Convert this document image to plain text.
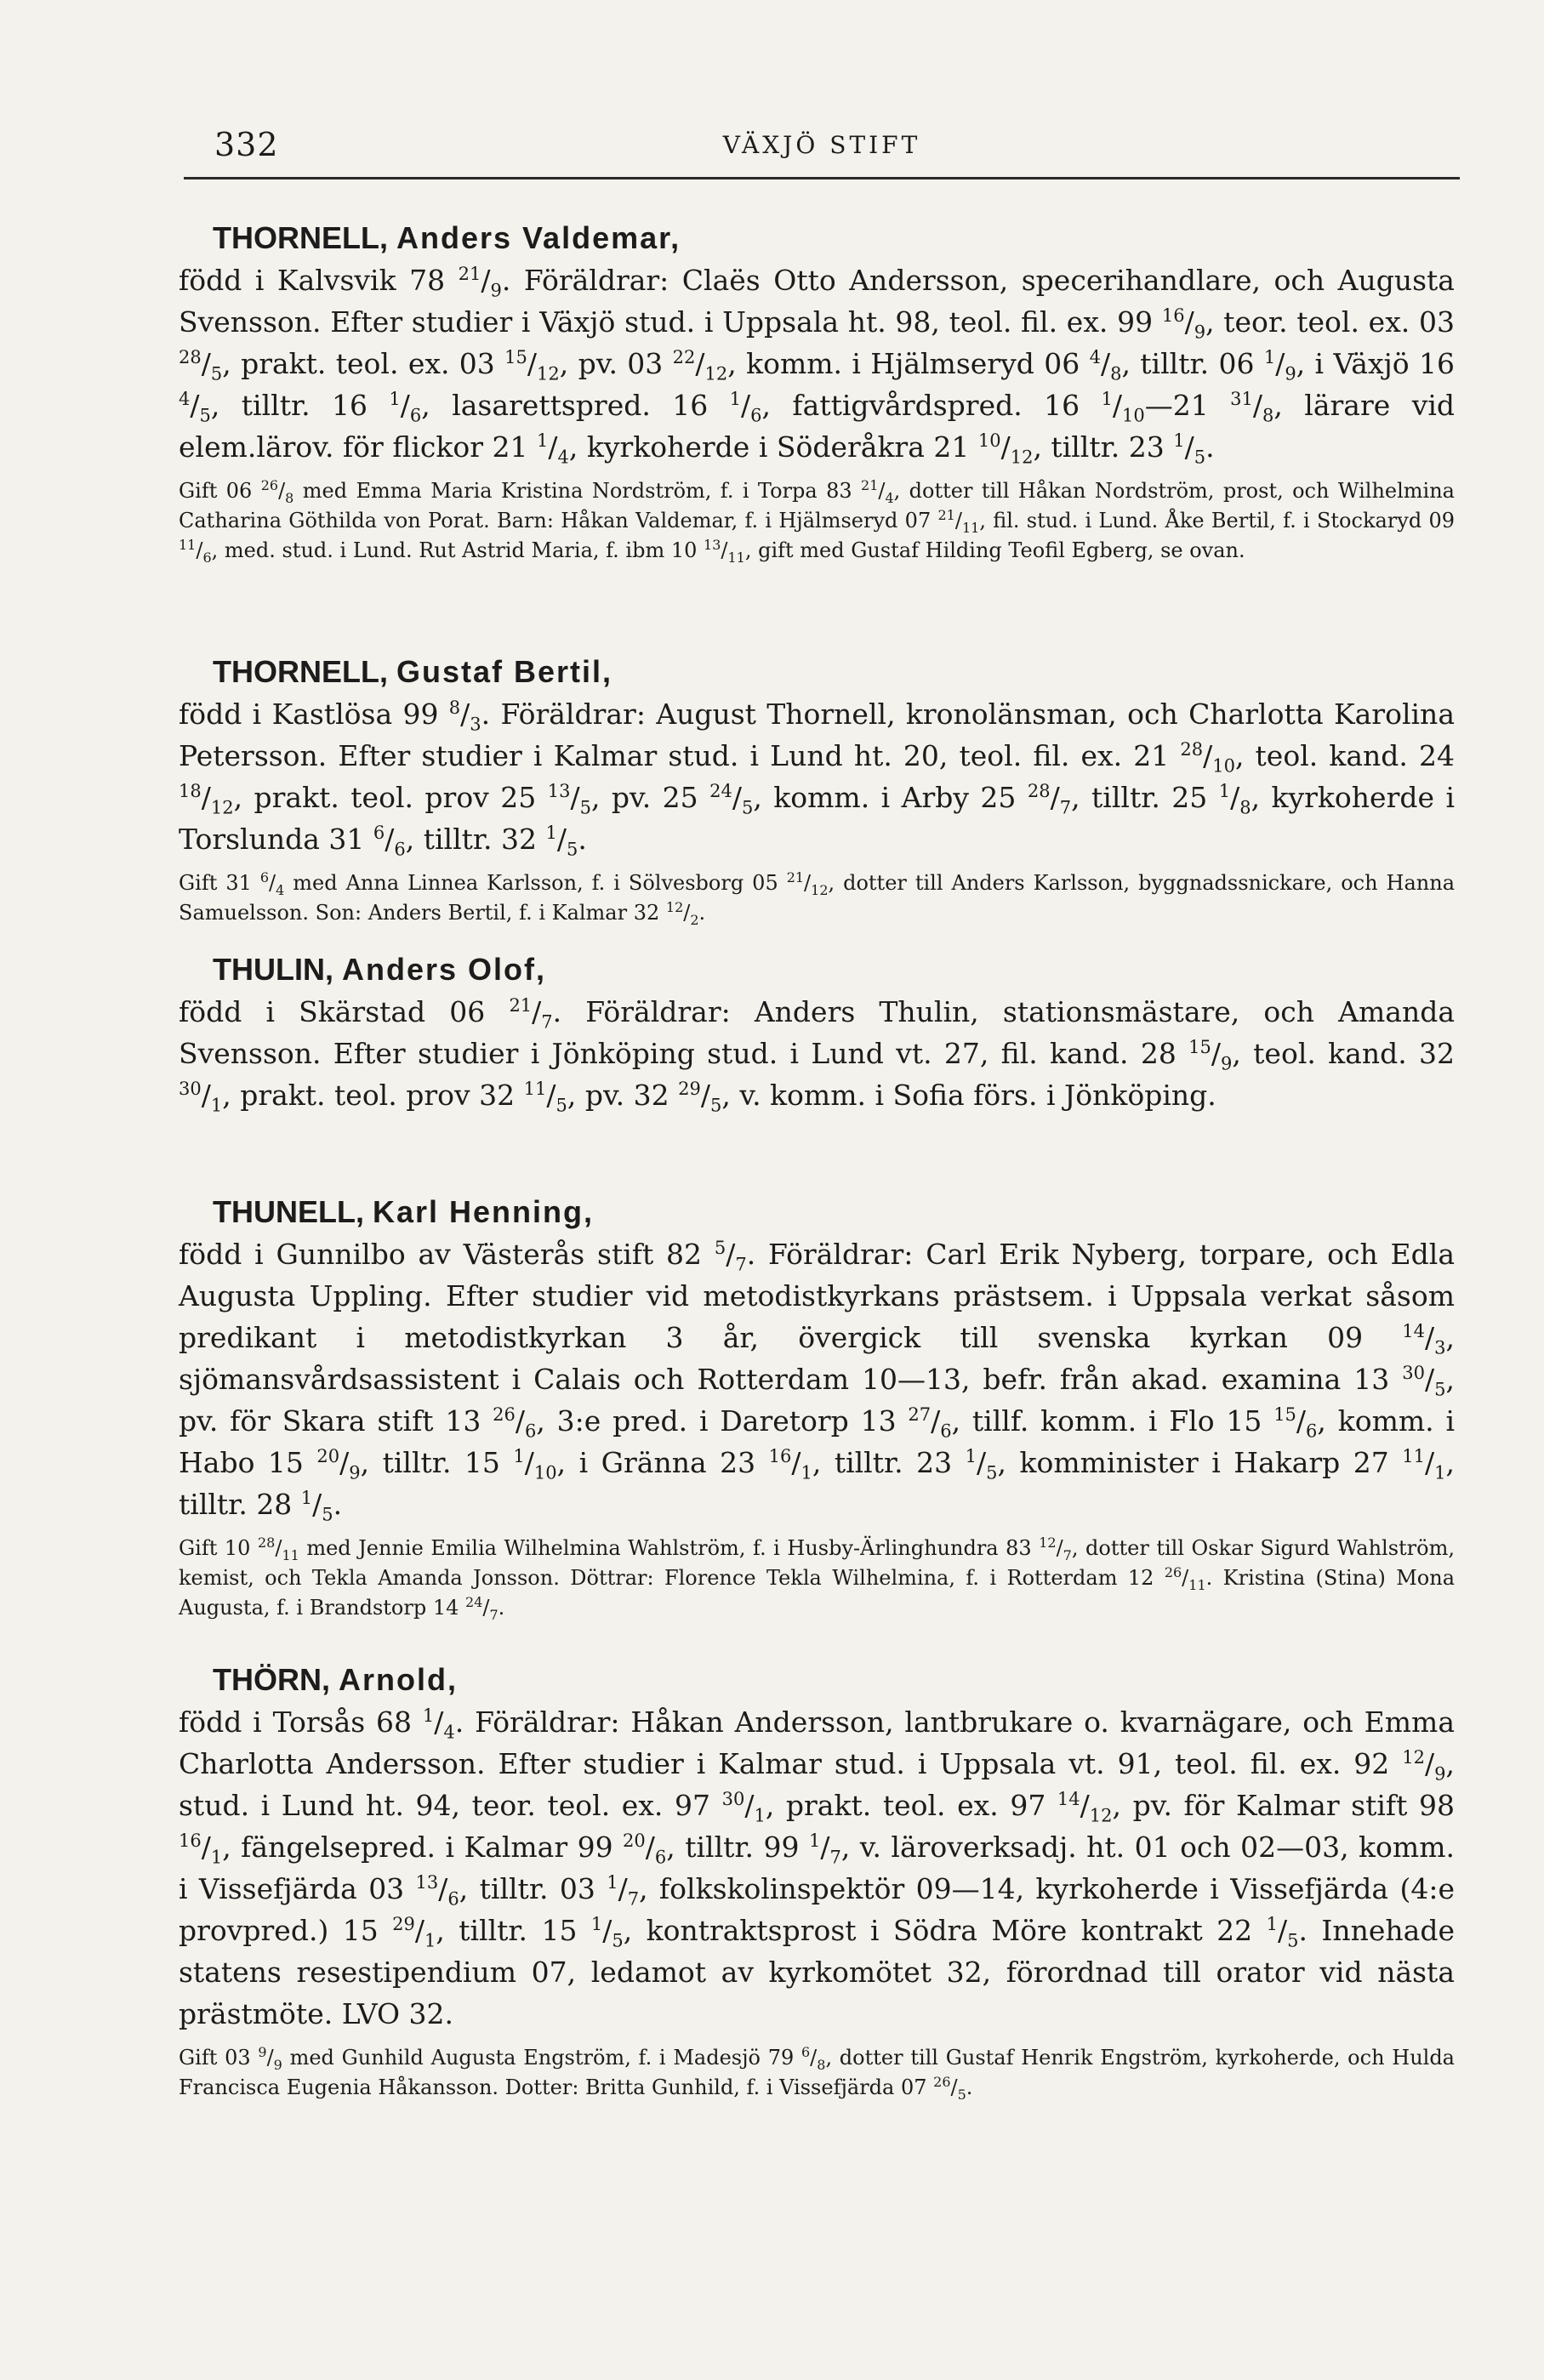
332	VÄXJÖ STIFT
THORNELL, Anders Valdemar,
född i Kalvsvik 78 $^{21}/_9$. Föräldrar: Claës Otto Andersson, specerihandlare, och Augusta Svensson. Efter studier i Växjö stud. i Uppsala ht. 98, teol. fil. ex. 99 $^{16}/_9$, teor. teol. ex. 03 $^{28}/_5$, prakt. teol. ex. 03 $^{15}/_{12}$, pv. 03 $^{22}/_{12}$, komm. i Hjälmseryd 06 $^4/_8$, tilltr. 06 $^1/_9$, i Växjö 16 $^4/_5$, tilltr. 16 $^1/_6$, lasarettspred. 16 $^1/_6$, fattigvårdspred. 16 $^1/_{10}—21$ $^{31}/_8$, lärare vid elem.lärov. för flickor 21 $^1/_4$, kyrkoherde i Söderåkra 21 $^{10}/_{12}$, tilltr. 23 $^1/_5$.
Gift 06 $^{26}/_8$ med Emma Maria Kristina Nordström, f. i Torpa 83 $^{21}/_4$, dotter till Håkan Nordström, prost, och Wilhelmina Catharina Göthilda von Porat. Barn: Håkan Valdemar, f. i Hjälmseryd 07 $^{21}/_{11}$, fil. stud. i Lund. Åke Bertil, f. i Stockaryd 09 $^{11}/_6$, med. stud. i Lund. Rut Astrid Maria, f. ibm 10 $^{13}/_{11}$, gift med Gustaf Hilding Teofil Egberg, se ovan.
THORNELL, Gustaf Bertil,
född i Kastlösa 99 $^8/_3$. Föräldrar: August Thornell, kronolänsman, och Charlotta Karolina Petersson. Efter studier i Kalmar stud. i Lund ht. 20, teol. fil. ex. 21 $^{28}/_{10}$, teol. kand. 24 $^{18}/_{12}$, prakt. teol. prov 25 $^{13}/_5$, pv. 25 $^{24}/_5$, komm. i Arby 25 $^{28}/_7$, tilltr. 25 $^1/_8$, kyrkoherde i Torslunda 31 $^6/_6$, tilltr. 32 $^1/_5$.
Gift 31 $^6/_4$ med Anna Linnea Karlsson, f. i Sölvesborg 05 $^{21}/_{12}$, dotter till Anders Karlsson, byggnadssnickare, och Hanna Samuelsson. Son: Anders Bertil, f. i Kalmar 32 $^{12}/_2$.
THULIN, Anders Olof,
född i Skärstad 06 $^{21}/_7$. Föräldrar: Anders Thulin, stationsmästare, och Amanda Svensson. Efter studier i Jönköping stud. i Lund vt. 27, fil. kand. 28 $^{15}/_9$, teol. kand. 32 $^{30}/_1$, prakt. teol. prov 32 $^{11}/_5$, pv. 32 $^{29}/_5$, v. komm. i Sofia förs. i Jönköping.
THUNELL, Karl Henning,
född i Gunnilbo av Västerås stift 82 $^5/_7$. Föräldrar: Carl Erik Nyberg, torpare, och Edla Augusta Uppling. Efter studier vid metodistkyrkans prästsem. i Uppsala verkat såsom predikant i metodistkyrkan 3 år, övergick till svenska kyrkan 09 $^{14}/_3$, sjömansvårdsassistent i Calais och Rotterdam 10—13, befr. från akad. examina 13 $^{30}/_5$, pv. för Skara stift 13 $^{26}/_6$, 3:e pred. i Daretorp 13 $^{27}/_6$, tillf. komm. i Flo 15 $^{15}/_6$, komm. i Habo 15 $^{20}/_9$, tilltr. 15 $^1/_{10}$, i Gränna 23 $^{16}/_1$, tilltr. 23 $^1/_5$, komminister i Hakarp 27 $^{11}/_1$, tilltr. 28 $^1/_5$.
Gift 10 $^{28}/_{11}$ med Jennie Emilia Wilhelmina Wahlström, f. i Husby-Ärlinghundra 83 $^{12}/_7$, dotter till Oskar Sigurd Wahlström, kemist, och Tekla Amanda Jonsson. Döttrar: Florence Tekla Wilhelmina, f. i Rotterdam 12 $^{26}/_{11}$. Kristina (Stina) Mona Augusta, f. i Brandstorp 14 $^{24}/_7$.
THÖRN, Arnold,
född i Torsås 68 $^1/_4$. Föräldrar: Håkan Andersson, lantbrukare o. kvarnägare, och Emma Charlotta Andersson. Efter studier i Kalmar stud. i Uppsala vt. 91, teol. fil. ex. 92 $^{12}/_9$, stud. i Lund ht. 94, teor. teol. ex. 97 $^{30}/_1$, prakt. teol. ex. 97 $^{14}/_{12}$, pv. för Kalmar stift 98 $^{16}/_1$, fängelsepred. i Kalmar 99 $^{20}/_6$, tilltr. 99 $^1/_7$, v. läroverksadj. ht. 01 och 02—03, komm. i Vissefjärda 03 $^{13}/_6$, tilltr. 03 $^1/_7$, folkskolinspektör 09—14, kyrkoherde i Vissefjärda (4:e provpred.) 15 $^{29}/_1$, tilltr. 15 $^1/_5$, kontraktsprost i Södra Möre kontrakt 22 $^1/_5$. Innehade statens resestipendium 07, ledamot av kyrkomötet 32, förordnad till orator vid nästa prästmöte. LVO 32.
Gift 03 $^9/_9$ med Gunhild Augusta Engström, f. i Madesjö 79 $^6/_8$, dotter till Gustaf Henrik Engström, kyrkoherde, och Hulda Francisca Eugenia Håkansson. Dotter: Britta Gunhild, f. i Vissefjärda 07 $^{26}/_5$.
